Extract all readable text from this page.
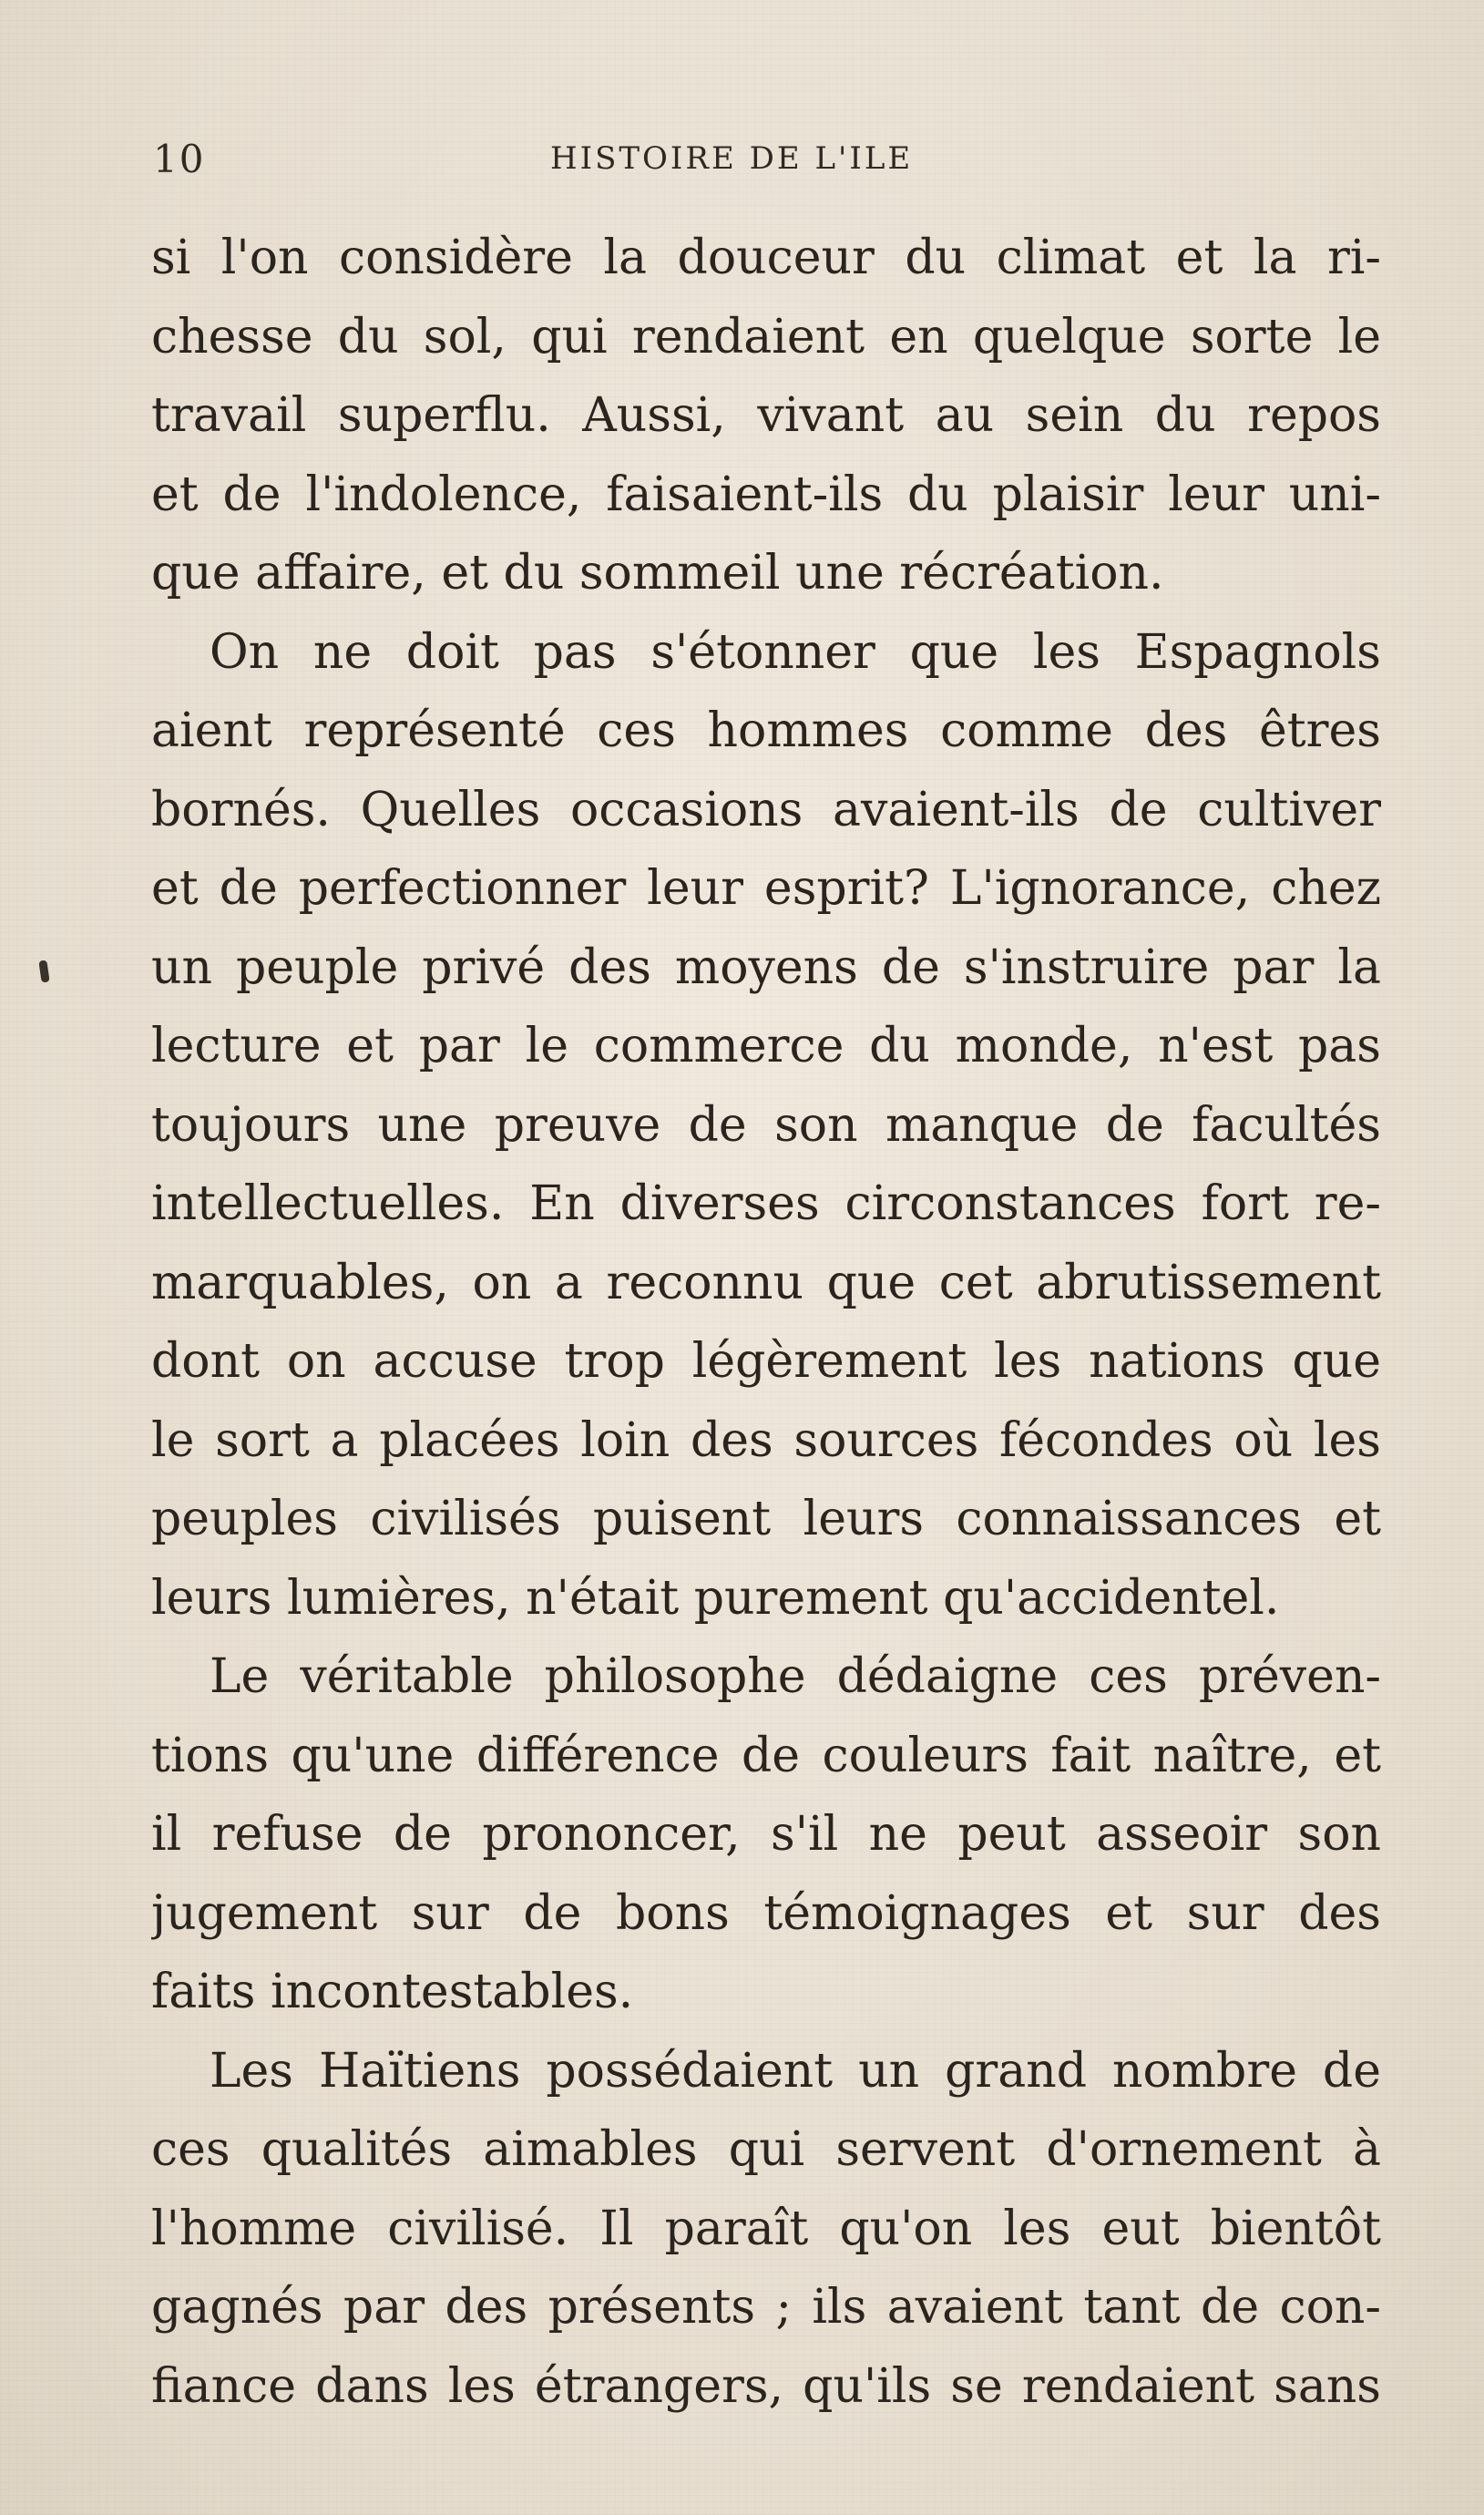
10	HISTOIRE DE L'ILE

si l'on considère la douceur du climat et la ri-
chesse du sol, qui rendaient en quelque sorte le
travail superflu. Aussi, vivant au sein du repos
et de l'indolence, faisaient-ils du plaisir leur uni-
que affaire, et du sommeil une récréation.

On ne doit pas s'étonner que les Espagnols
aient représenté ces hommes comme des êtres
bornés. Quelles occasions avaient-ils de cultiver
et de perfectionner leur esprit? L'ignorance, chez
un peuple privé des moyens de s'instruire par la
lecture et par le commerce du monde, n'est pas
toujours une preuve de son manque de facultés
intellectuelles. En diverses circonstances fort re-
marquables, on a reconnu que cet abrutissement
dont on accuse trop légèrement les nations que
le sort a placées loin des sources fécondes où les
peuples civilisés puisent leurs connaissances et
leurs lumières, n'était purement qu'accidentel.

Le véritable philosophe dédaigne ces préven-
tions qu'une différence de couleurs fait naître, et
il refuse de prononcer, s'il ne peut asseoir son
jugement sur de bons témoignages et sur des
faits incontestables.

Les Haïtiens possédaient un grand nombre de
ces qualités aimables qui servent d'ornement à
l'homme civilisé. Il paraît qu'on les eut bientôt
gagnés par des présents ; ils avaient tant de con-
fiance dans les étrangers, qu'ils se rendaient sans
